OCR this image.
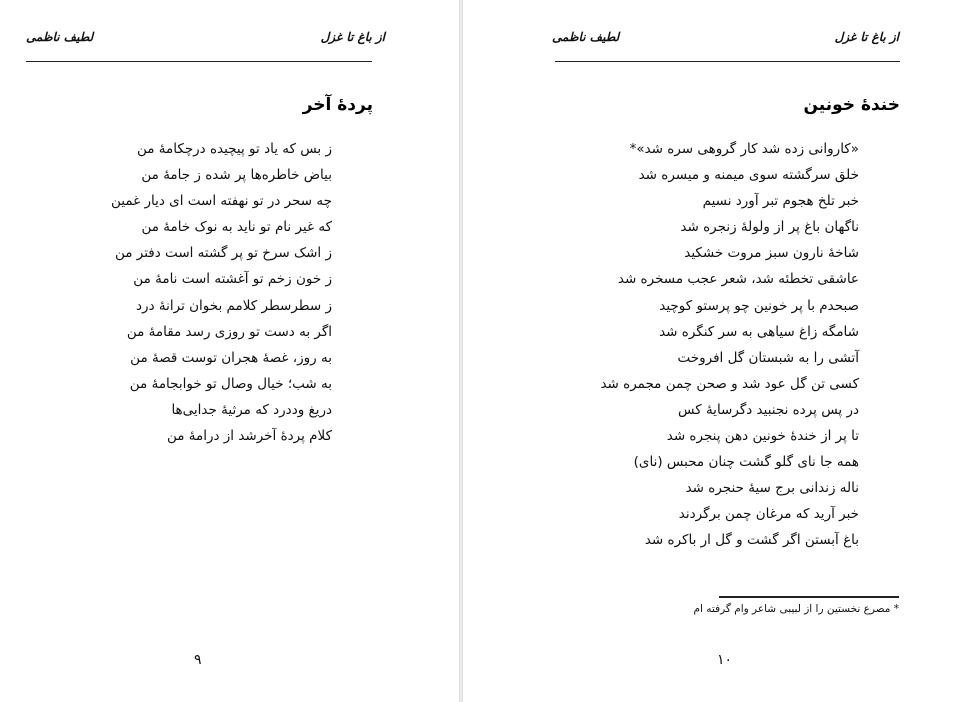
از باغ تا غزل
لطیف ناظمی
پردهٔ آخر
ز بس که یاد تو پیچیده درچکامهٔ من
بیاض خاطره‌ها پر شده ز جامهٔ من
چه سحر در تو نهفته است ای دیار غمین
که غیر نام تو ناید به نوک خامهٔ من
ز اشک سرخ تو پر گشته است دفتر من
ز خون زخم تو آغشته است نامهٔ من
ز سطرسطر کلامم بخوان ترانهٔ درد
اگر به دست تو روزی رسد مقامهٔ من
به روز، غصهٔ هجران توست قصهٔ من
به شب؛ خیال وصال تو خوابجامهٔ من
دریغ وددرد که مرثیهٔ جدایی‌ها
کلام پردهٔ آخرشد از درامهٔ من
۹
از باغ تا غزل
لطیف ناظمی
خندهٔ خونین
«کاروانی زده شد کار گروهی سره شد»*
خلق سرگشته سوی میمنه و میسره شد
خبر تلخ هجوم تبر آورد نسیم
ناگهان باغ پر از ولولهٔ زنجره شد
شاخهٔ نارون سبز مروت خشکید
عاشقی تخطئه شد، شعر عجب مسخره شد
صبحدم با پر خونین چو پرستو کوچید
شامگه زاغ سیاهی به سر کنگره شد
آتشی را به شبستان گل افروخت
کسی تن گل عود شد و صحن چمن مجمره شد
در پس پرده نجنبید دگرسایهٔ کس
تا پر از خندهٔ خونین دهن پنجره شد
همه جا نای گلو گشت چنان محبس (نای)
ناله زندانی برج سیهٔ حنجره شد
خبر آرید که مرغان چمن برگردند
باغ آبستن اگر گشت و گل ار باکره شد
* مصرع نخستین را از لبیبی شاعر وام گرفته ام
۱۰
